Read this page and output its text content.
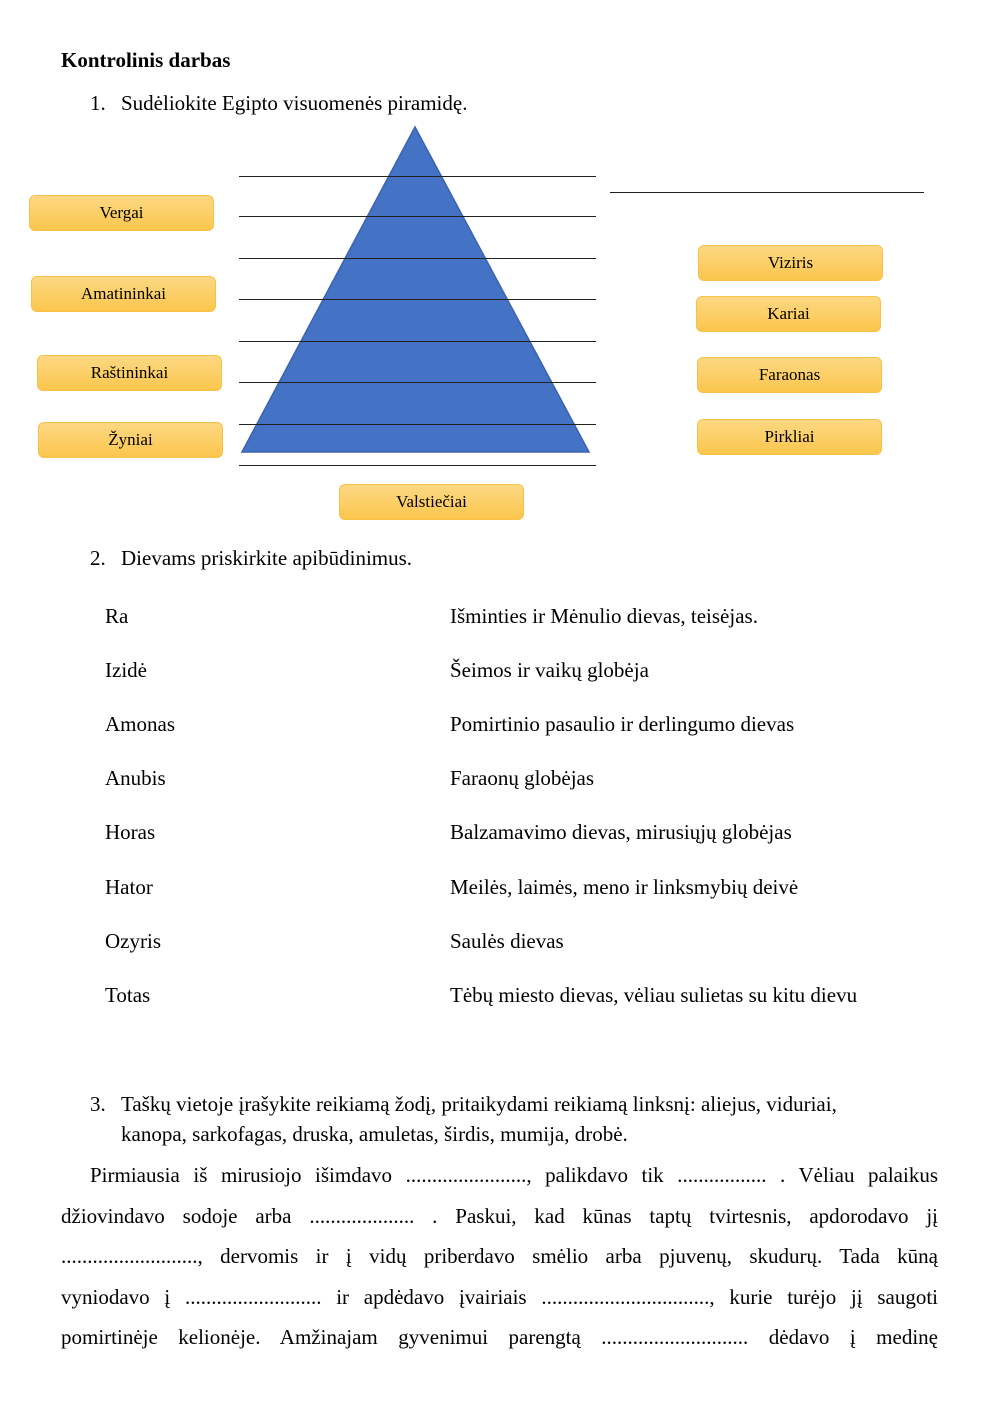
Kontrolinis darbas
1. Sudėliokite Egipto visuomenės piramidę.
Vergai
Amatininkai
Raštininkai
Žyniai
Viziris
Kariai
Faraonas
Pirkliai
Valstiečiai
2. Dievams priskirkite apibūdinimus.
Ra
Izidė
Amonas
Anubis
Horas
Hator
Ozyris
Totas
Išminties ir Mėnulio dievas, teisėjas.
Šeimos ir vaikų globėja
Pomirtinio pasaulio ir derlingumo dievas
Faraonų globėjas
Balzamavimo dievas, mirusiųjų globėjas
Meilės, laimės, meno ir linksmybių deivė
Saulės dievas
Tėbų miesto dievas, vėliau sulietas su kitu dievu
3. Taškų vietoje įrašykite reikiamą žodį, pritaikydami reikiamą linksnį: aliejus, viduriai,
kanopa, sarkofagas, druska, amuletas, širdis, mumija, drobė.
Pirmiausia iš mirusiojo išimdavo ......................., palikdavo tik ................. . Vėliau palaikus
džiovindavo sodoje arba .................... . Paskui, kad kūnas taptų tvirtesnis, apdorodavo jį
.........................., dervomis ir į vidų priberdavo smėlio arba pjuvenų, skudurų. Tada kūną
vyniodavo į .......................... ir apdėdavo įvairiais ................................, kurie turėjo jį saugoti
pomirtinėje kelionėje. Amžinajam gyvenimui parengtą ............................ dėdavo į medinę
